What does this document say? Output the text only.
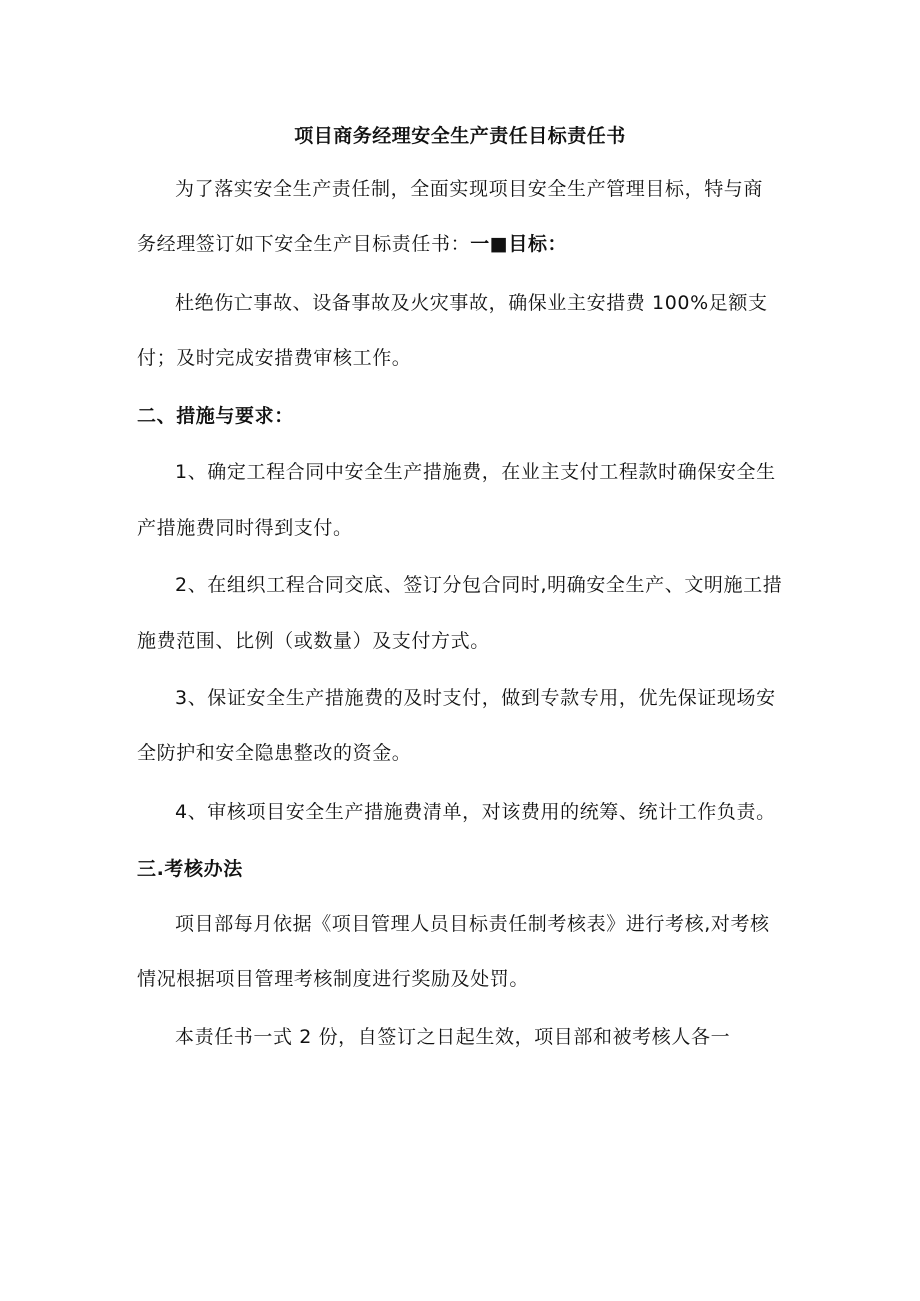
项目商务经理安全生产责任目标责任书
为了落实安全生产责任制，全面实现项目安全生产管理目标，特与商
务经理签订如下安全生产目标责任书：一■目标：
杜绝伤亡事故、设备事故及火灾事故，确保业主安措费 100%足额支
付；及时完成安措费审核工作。
二、措施与要求：
1、确定工程合同中安全生产措施费，在业主支付工程款时确保安全生
产措施费同时得到支付。
2、在组织工程合同交底、签订分包合同时,明确安全生产、文明施工措
施费范围、比例（或数量）及支付方式。
3、保证安全生产措施费的及时支付，做到专款专用，优先保证现场安
全防护和安全隐患整改的资金。
4、审核项目安全生产措施费清单，对该费用的统筹、统计工作负责。
三.考核办法
项目部每月依据《项目管理人员目标责任制考核表》进行考核,对考核
情况根据项目管理考核制度进行奖励及处罚。
本责任书一式 2 份，自签订之日起生效，项目部和被考核人各一
